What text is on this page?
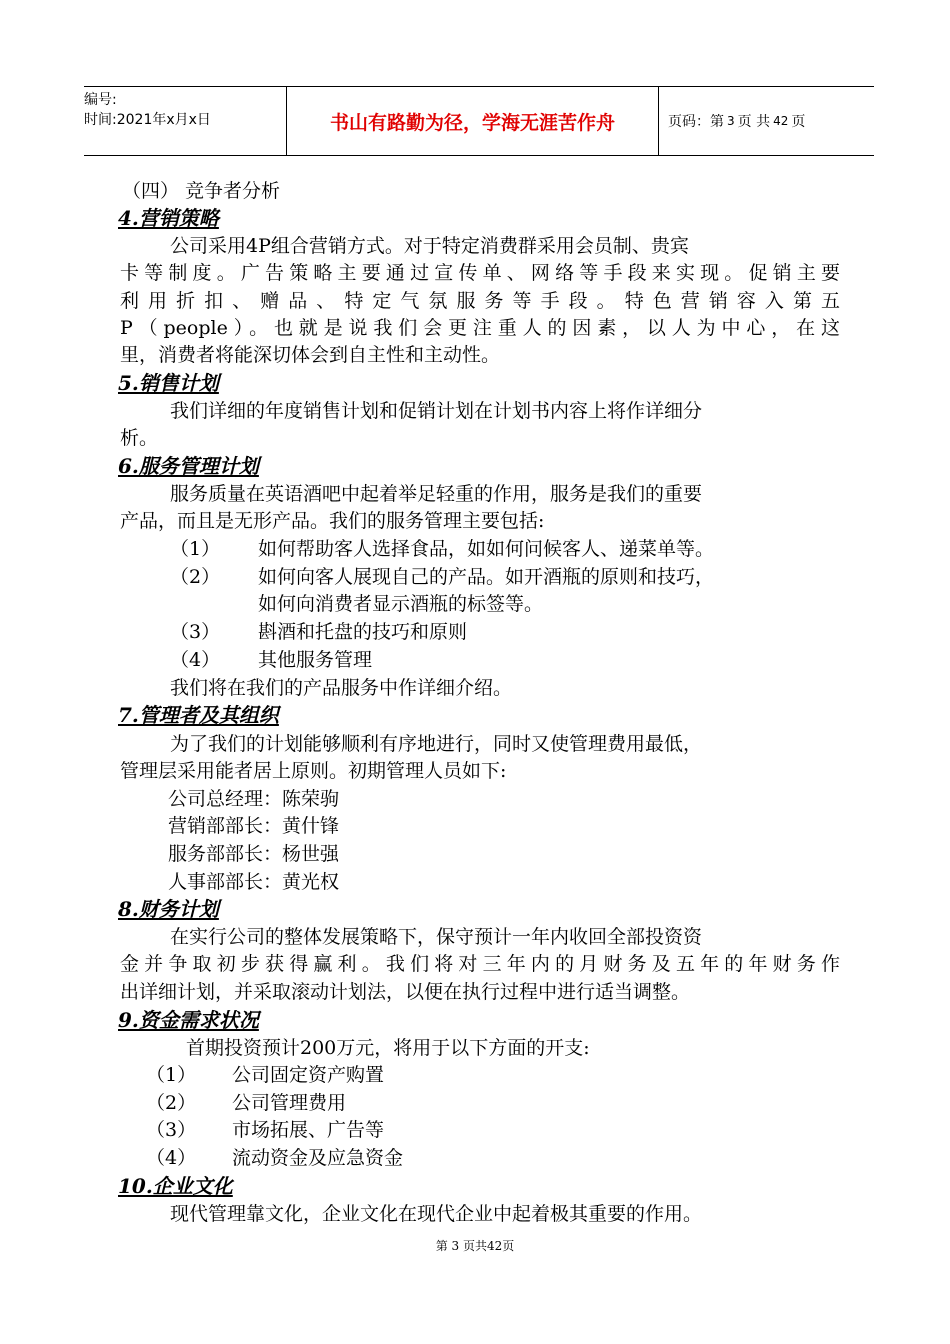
编号:
时间:2021年x月x日	书山有路勤为径，学海无涯苦作舟	页码：第 3 页 共 42 页
（四） 竞争者分析
4.营销策略
公司采用4P组合营销方式。对于特定消费群采用会员制、贵宾
卡等制度。广告策略主要通过宣传单、网络等手段来实现。促销主要
利用折扣、赠品、特定气氛服务等手段。特色营销容入第五
P（people）。也就是说我们会更注重人的因素，以人为中心，在这
里，消费者将能深切体会到自主性和主动性。
5.销售计划
我们详细的年度销售计划和促销计划在计划书内容上将作详细分
析。
6.服务管理计划
服务质量在英语酒吧中起着举足轻重的作用，服务是我们的重要
产品，而且是无形产品。我们的服务管理主要包括:
（1） 如何帮助客人选择食品，如如何问候客人、递菜单等。
（2） 如何向客人展现自己的产品。如开酒瓶的原则和技巧，
如何向消费者显示酒瓶的标签等。
（3） 斟酒和托盘的技巧和原则
（4） 其他服务管理
我们将在我们的产品服务中作详细介绍。
7.管理者及其组织
为了我们的计划能够顺利有序地进行，同时又使管理费用最低，
管理层采用能者居上原则。初期管理人员如下:
公司总经理：陈荣驹
营销部部长：黄什锋
服务部部长：杨世强
人事部部长：黄光权
8.财务计划
在实行公司的整体发展策略下，保守预计一年内收回全部投资资
金并争取初步获得赢利。我们将对三年内的月财务及五年的年财务作
出详细计划，并采取滚动计划法，以便在执行过程中进行适当调整。
9.资金需求状况
首期投资预计200万元，将用于以下方面的开支:
（1） 公司固定资产购置
（2） 公司管理费用
（3） 市场拓展、广告等
（4） 流动资金及应急资金
10.企业文化
现代管理靠文化，企业文化在现代企业中起着极其重要的作用。
第 3 页共42页
